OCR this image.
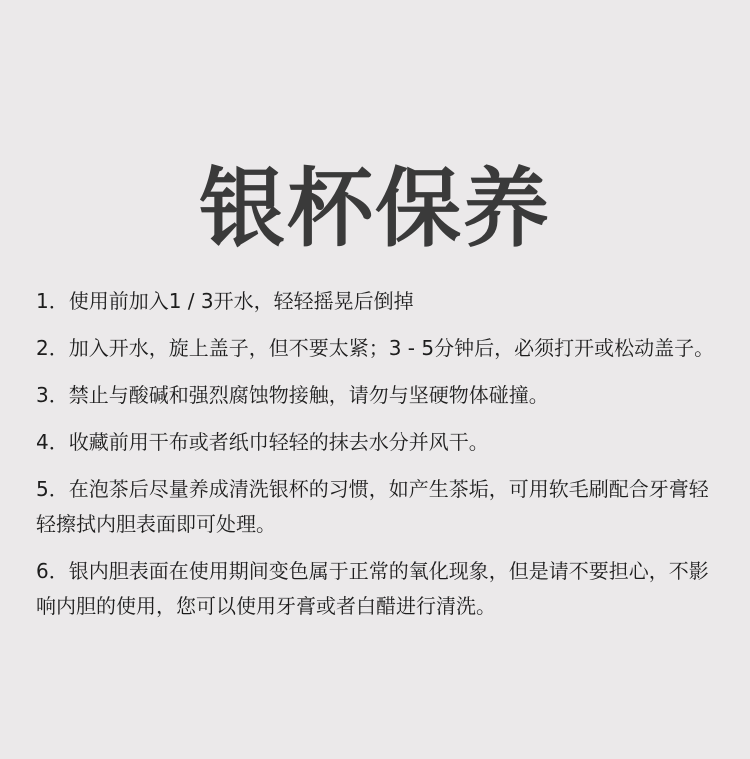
银杯保养

1．使用前加入1 / 3开水，轻轻摇晃后倒掉

2．加入开水，旋上盖子，但不要太紧；3 - 5分钟后，必须打开或松动盖子。

3．禁止与酸碱和强烈腐蚀物接触，请勿与坚硬物体碰撞。

4．收藏前用干布或者纸巾轻轻的抹去水分并风干。

5．在泡茶后尽量养成清洗银杯的习惯，如产生茶垢，可用软毛刷配合牙膏轻轻擦拭内胆表面即可处理。

6．银内胆表面在使用期间变色属于正常的氧化现象，但是请不要担心，不影响内胆的使用，您可以使用牙膏或者白醋进行清洗。
